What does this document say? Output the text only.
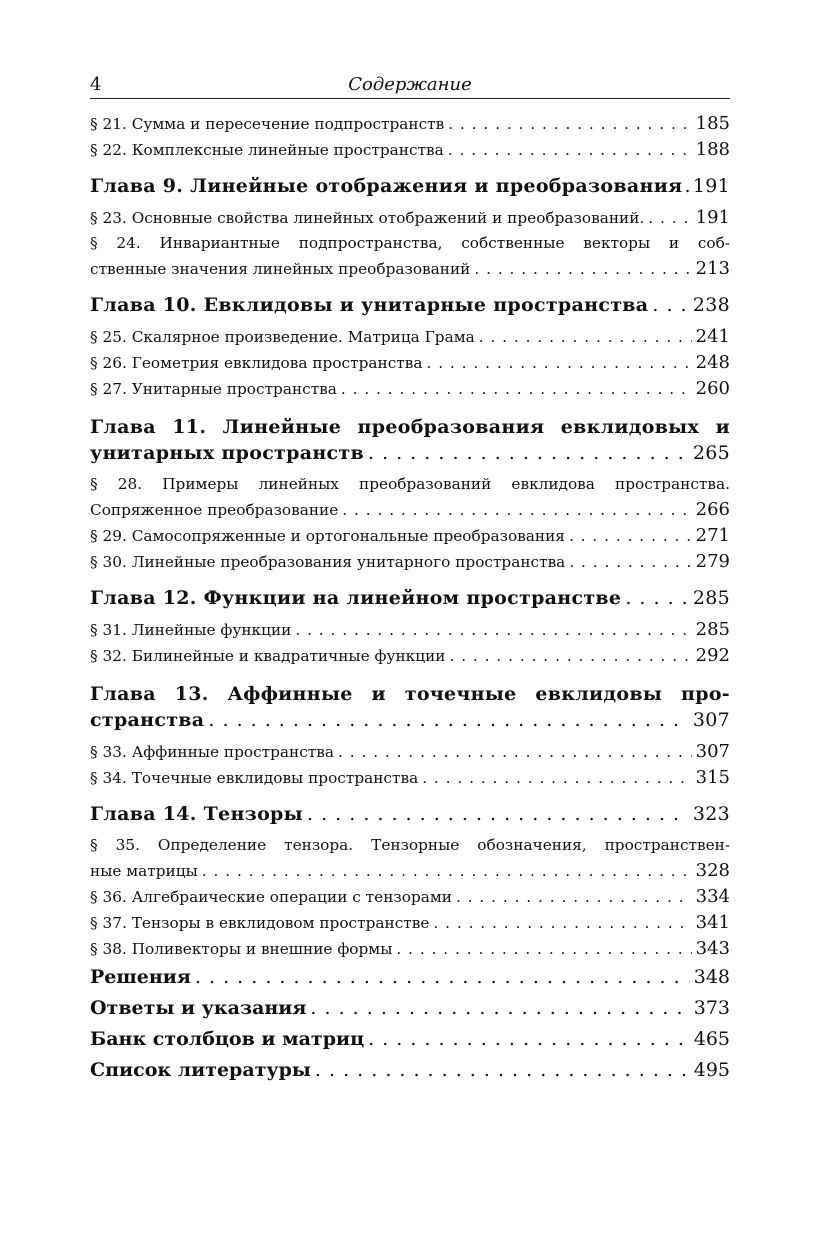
4	Содержание
§ 21. Сумма и пересечение подпространств . . .	185
§ 22. Комплексные линейные пространства . . .	188
Глава 9. Линейные отображения и преобразования . . . 191
§ 23. Основные свойства линейных отображений и преобразований. . . .	191
§ 24. Инвариантные подпространства, собственные векторы и соб-
ственные значения линейных преобразований . . .	213
Глава 10. Евклидовы и унитарные пространства . . . 238
§ 25. Скалярное произведение. Матрица Грама . . .	241
§ 26. Геометрия евклидова пространства . . .	248
§ 27. Унитарные пространства . . .	260
Глава 11. Линейные преобразования евклидовых и
унитарных пространств . . .	265
§ 28. Примеры линейных преобразований евклидова пространства.
Сопряженное преобразование . . .	266
§ 29. Самосопряженные и ортогональные преобразования . . .	271
§ 30. Линейные преобразования унитарного пространства . . .	279
Глава 12. Функции на линейном пространстве . . .	285
§ 31. Линейные функции . . .	285
§ 32. Билинейные и квадратичные функции . . .	292
Глава 13. Аффинные и точечные евклидовы про-
странства . . .	307
§ 33. Аффинные пространства . . .	307
§ 34. Точечные евклидовы пространства . . .	315
Глава 14. Тензоры . . .	323
§ 35. Определение тензора. Тензорные обозначения, пространствен-
ные матрицы . . .	328
§ 36. Алгебраические операции с тензорами . . .	334
§ 37. Тензоры в евклидовом пространстве . . .	341
§ 38. Поливекторы и внешние формы . . .	343
Решения . . .	348
Ответы и указания . . .	373
Банк столбцов и матриц . . .	465
Список литературы . . .	495
